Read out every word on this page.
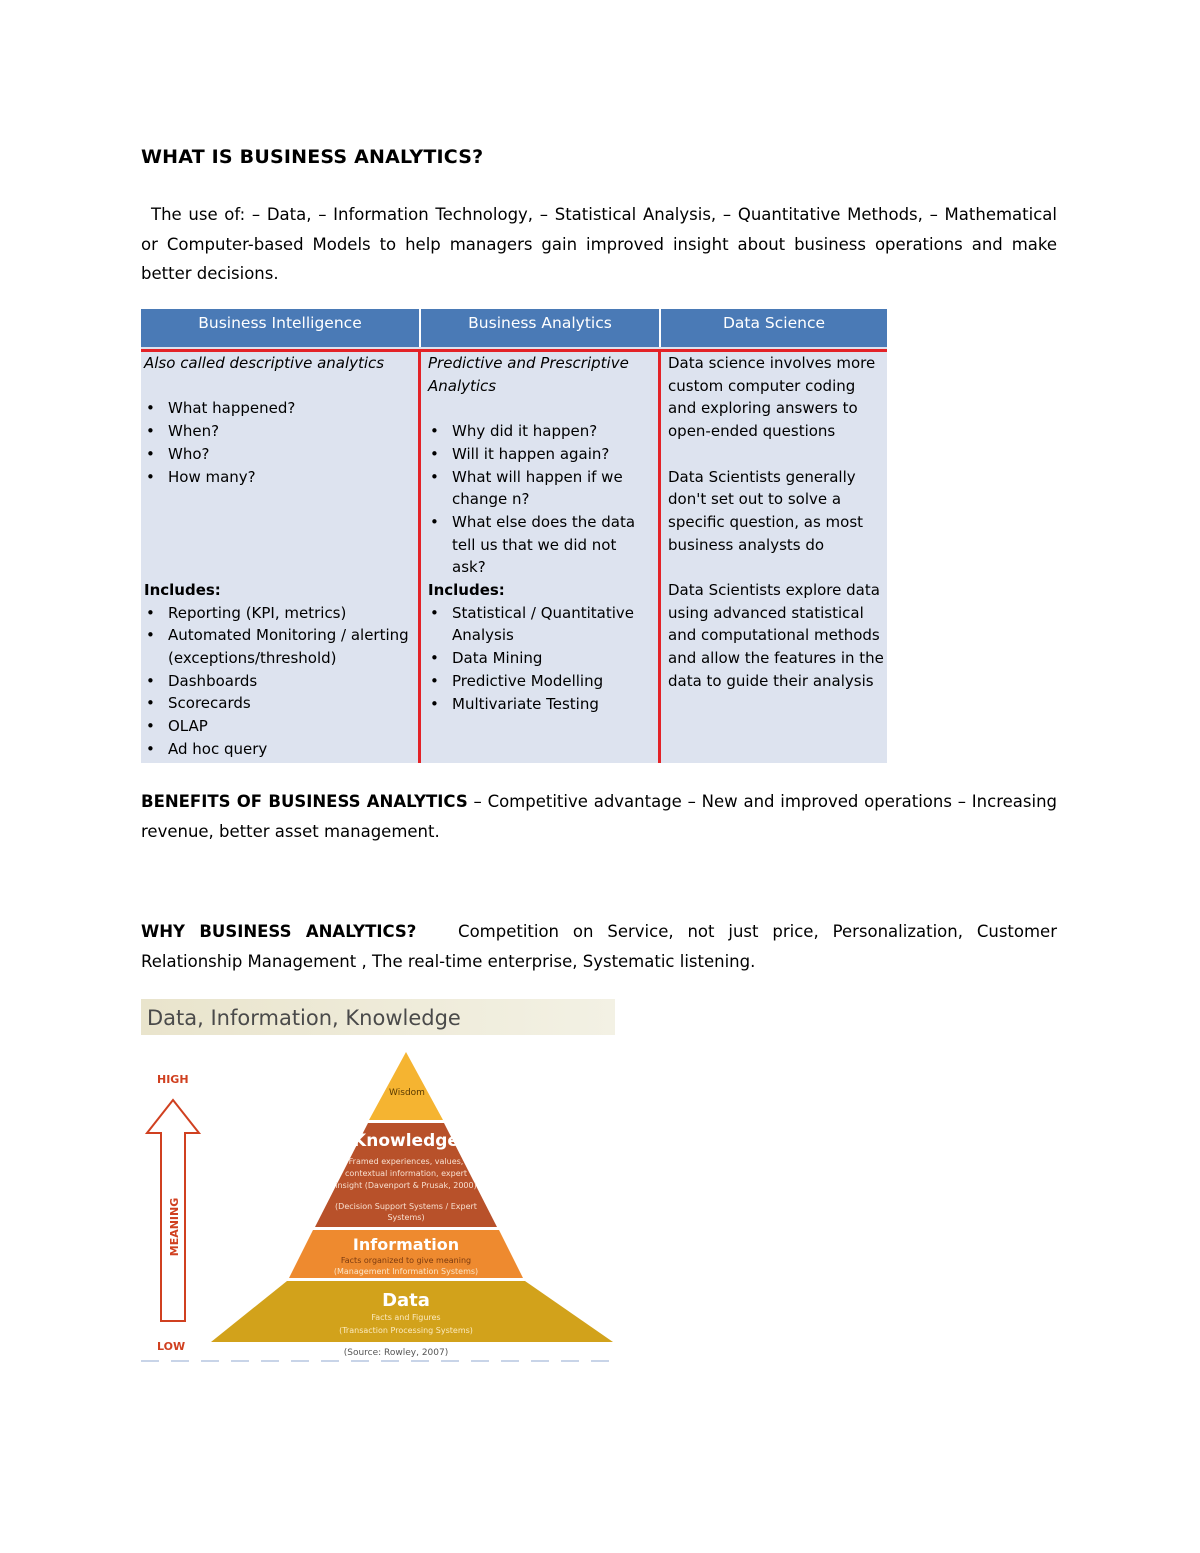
WHAT IS BUSINESS ANALYTICS?

The use of: – Data, – Information Technology, – Statistical Analysis, – Quantitative Methods, – Mathematical or Computer-based Models to help managers gain improved insight about business operations and make better decisions.

Business Intelligence	Business Analytics	Data Science
Also called descriptive analytics
• What happened?
• When?
• Who?
• How many?
Includes:
• Reporting (KPI, metrics)
• Automated Monitoring / alerting (exceptions/threshold)
• Dashboards
• Scorecards
• OLAP
• Ad hoc query
Predictive and Prescriptive Analytics
• Why did it happen?
• Will it happen again?
• What will happen if we change n?
• What else does the data tell us that we did not ask?
Includes:
• Statistical / Quantitative Analysis
• Data Mining
• Predictive Modelling
• Multivariate Testing
Data science involves more custom computer coding and exploring answers to open-ended questions
Data Scientists generally don't set out to solve a specific question, as most business analysts do
Data Scientists explore data using advanced statistical and computational methods and allow the features in the data to guide their analysis

BENEFITS OF BUSINESS ANALYTICS – Competitive advantage – New and improved operations – Increasing revenue, better asset management.

WHY BUSINESS ANALYTICS?   Competition on Service, not just price, Personalization, Customer Relationship Management , The real-time enterprise, Systematic listening.

Data, Information, Knowledge
HIGH
LOW
MEANING
Wisdom
Knowledge
Framed experiences, values,
contextual information, expert
insight (Davenport & Prusak, 2000)
(Decision Support Systems / Expert
Systems)
Information
Facts organized to give meaning
(Management Information Systems)
Data
Facts and Figures
(Transaction Processing Systems)
(Source: Rowley, 2007)
